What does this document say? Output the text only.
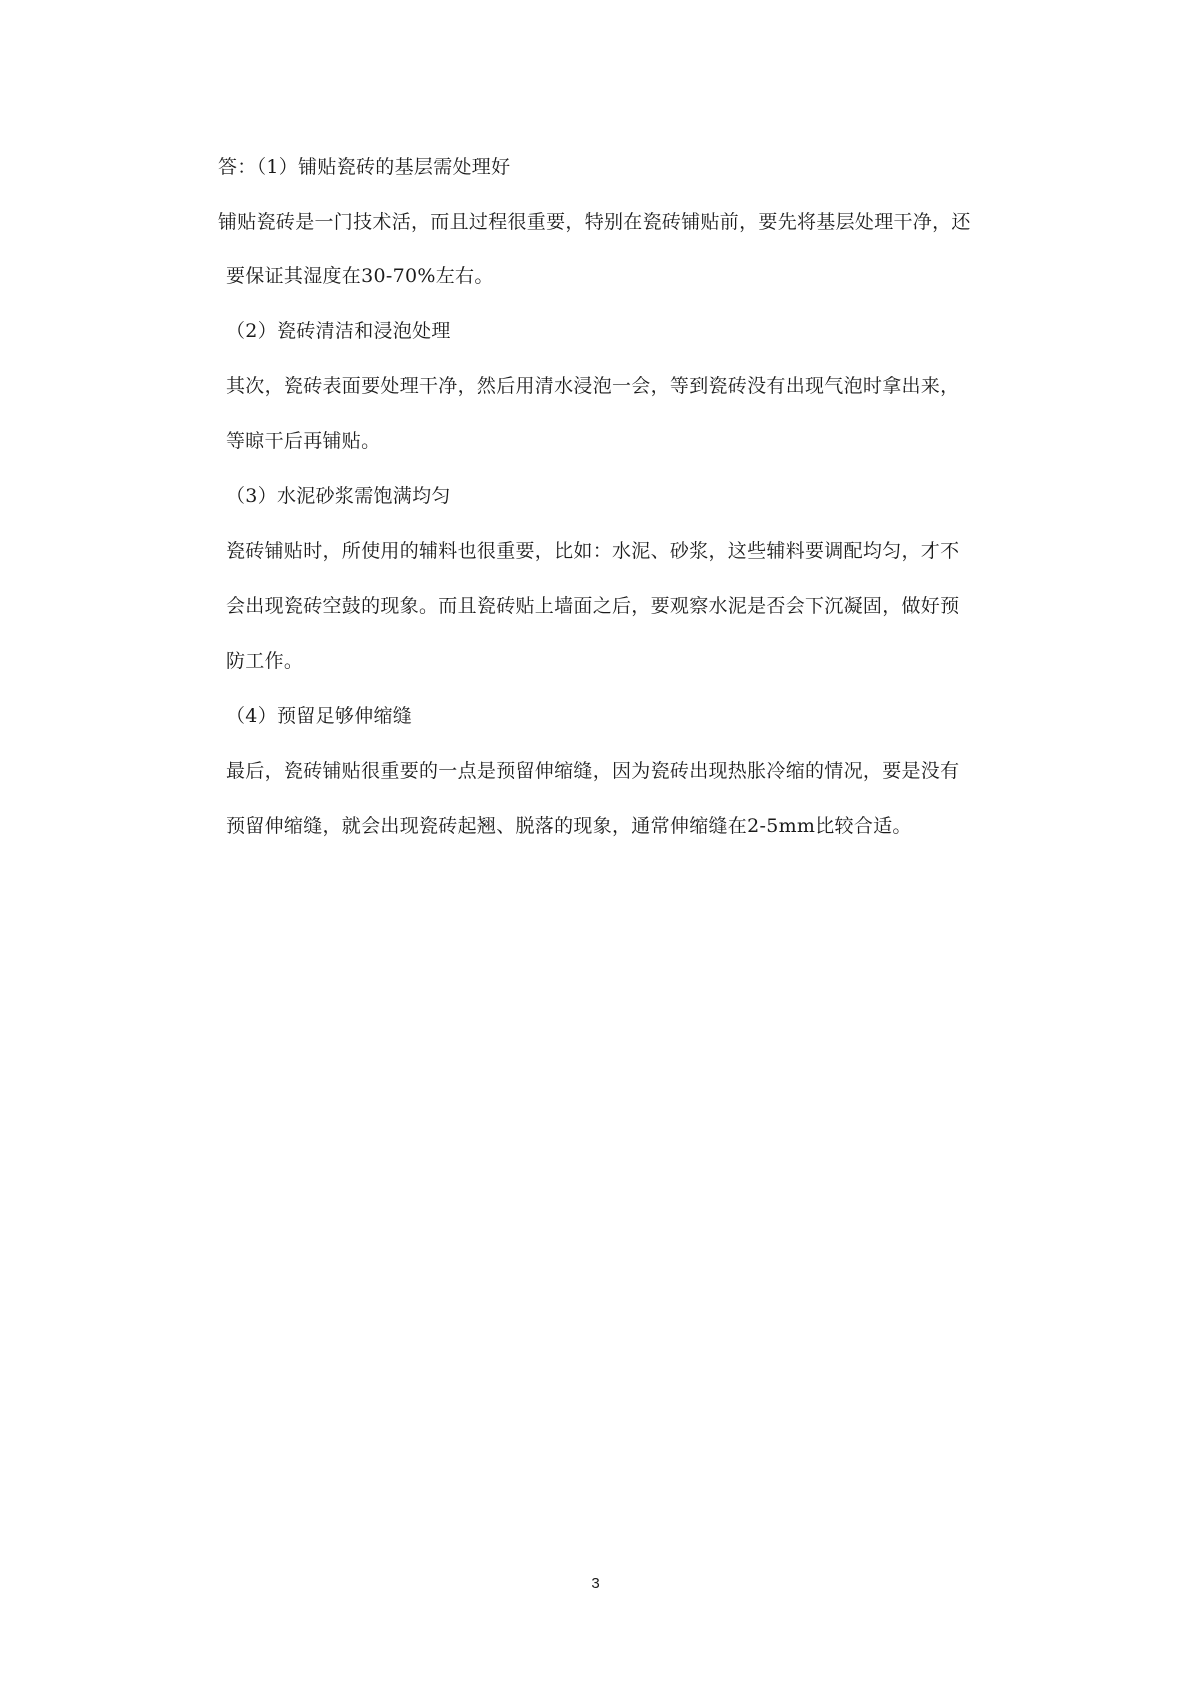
答：（1）铺贴瓷砖的基层需处理好
铺贴瓷砖是一门技术活，而且过程很重要，特别在瓷砖铺贴前，要先将基层处理干净，还
要保证其湿度在30-70%左右。
（2）瓷砖清洁和浸泡处理
其次，瓷砖表面要处理干净，然后用清水浸泡一会，等到瓷砖没有出现气泡时拿出来，
等晾干后再铺贴。
（3）水泥砂浆需饱满均匀
瓷砖铺贴时，所使用的辅料也很重要，比如：水泥、砂浆，这些辅料要调配均匀，才不
会出现瓷砖空鼓的现象。而且瓷砖贴上墙面之后，要观察水泥是否会下沉凝固，做好预
防工作。
（4）预留足够伸缩缝
最后，瓷砖铺贴很重要的一点是预留伸缩缝，因为瓷砖出现热胀冷缩的情况，要是没有
预留伸缩缝，就会出现瓷砖起翘、脱落的现象，通常伸缩缝在2-5mm比较合适。
3
